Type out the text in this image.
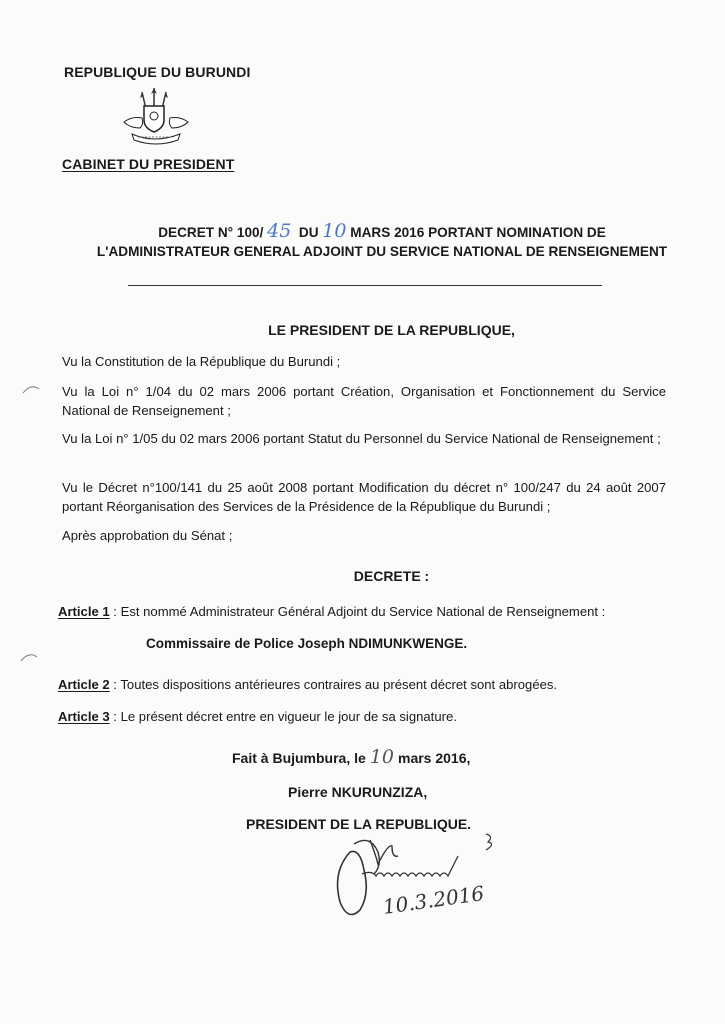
REPUBLIQUE DU BURUNDI
CABINET DU PRESIDENT
DECRET N° 100/ 45 DU 10 MARS 2016 PORTANT NOMINATION DE
L'ADMINISTRATEUR GENERAL ADJOINT DU SERVICE NATIONAL DE RENSEIGNEMENT
LE PRESIDENT DE LA REPUBLIQUE,
Vu la Constitution de la République du Burundi ;
Vu la Loi n° 1/04 du 02 mars 2006 portant Création, Organisation et Fonctionnement du Service National de Renseignement ;
Vu la Loi n° 1/05 du 02 mars 2006 portant Statut du Personnel du Service National de Renseignement ;
Vu le Décret n°100/141 du 25 août 2008 portant Modification du décret n° 100/247 du 24 août 2007 portant Réorganisation des Services de la Présidence de la République du Burundi ;
Après approbation du Sénat ;
DECRETE :
Article 1 : Est nommé Administrateur Général Adjoint du Service National de Renseignement :
Commissaire de Police Joseph NDIMUNKWENGE.
Article 2 : Toutes dispositions antérieures contraires au présent décret sont abrogées.
Article 3 : Le présent décret entre en vigueur le jour de sa signature.
Fait à Bujumbura, le 10 mars 2016,
Pierre NKURUNZIZA,
PRESIDENT DE LA REPUBLIQUE.
10.3.2016
